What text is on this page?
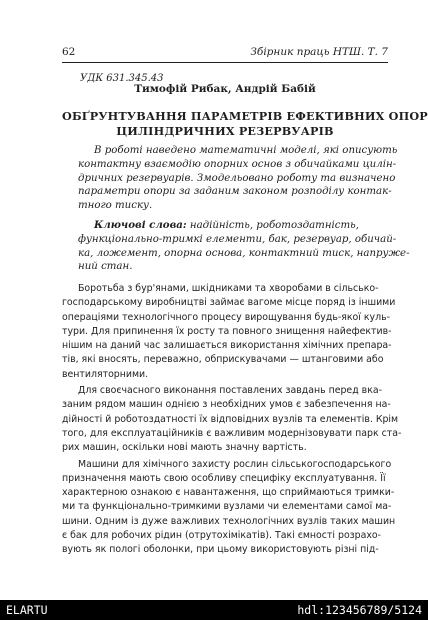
62	Збірник праць НТШ. Т. 7
УДК 631.345.43
Тимофій Рибак, Андрій Бабій
ОБҐРУНТУВАННЯ ПАРАМЕТРІВ ЕФЕКТИВНИХ ОПОР
ЦИЛІНДРИЧНИХ РЕЗЕРВУАРІВ
В роботі наведено математичні моделі, які описують
контактну взаємодію опорних основ з обичайками цилін-
дричних резервуарів. Змодельовано роботу та визначено
параметри опори за заданим законом розподілу контак-
тного тиску.
Ключові слова: надійність, роботоздатність,
функціонально-тримкі елементи, бак, резервуар, обичай-
ка, ложемент, опорна основа, контактний тиск, напруже-
ний стан.
Боротьба з бур'янами, шкідниками та хворобами в сільсько-
господарському виробництві займає вагоме місце поряд із іншими
операціями технологічного процесу вирощування будь-якої куль-
тури. Для припинення їх росту та повного знищення найефектив-
нішим на даний час залишається використання хімічних препара-
тів, які вносять, переважно, обприскувачами — штанговими або
вентиляторними.
Для своєчасного виконання поставлених завдань перед вка-
заним рядом машин однією з необхідних умов є забезпечення на-
дійності й роботоздатності їх відповідних вузлів та елементів. Крім
того, для експлуатаційників є важливим модернізовувати парк ста-
рих машин, оскільки нові мають значну вартість.
Машини для хімічного захисту рослин сільськогосподарського
призначення мають свою особливу специфіку експлуатування. Її
характерною ознакою є навантаження, що сприймаються тримки-
ми та функціонально-тримкими вузлами чи елементами самої ма-
шини. Одним із дуже важливих технологічних вузлів таких машин
є бак для робочих рідин (отрутохімікатів). Такі ємності розрахо-
вують як пологі оболонки, при цьому використовують різні під-
ELARTU	hdl:123456789/5124
